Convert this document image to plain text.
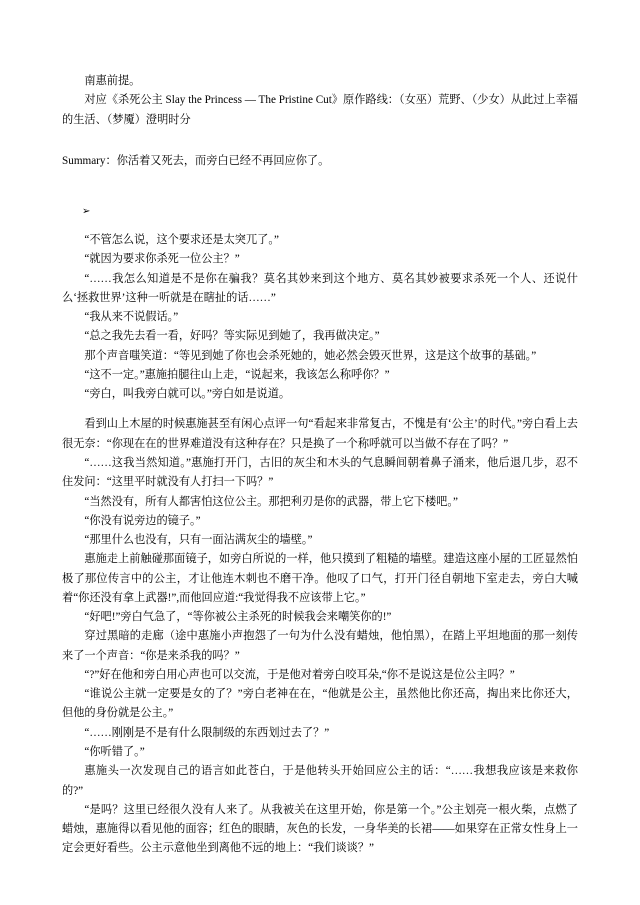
南惠前提。

对应《杀死公主 Slay the Princess — The Pristine Cut》原作路线：（女巫）荒野、（少女）从此过上幸福的生活、（梦魇）澄明时分

Summary：你活着又死去，而旁白已经不再回应你了。

➢

“不管怎么说，这个要求还是太突兀了。”

“就因为要求你杀死一位公主？”

“……我怎么知道是不是你在骗我？莫名其妙来到这个地方、莫名其妙被要求杀死一个人、还说什么‘拯救世界’这种一听就是在瞎扯的话……”

“我从来不说假话。”

“总之我先去看一看，好吗？等实际见到她了，我再做决定。”

那个声音嗤笑道：“等见到她了你也会杀死她的，她必然会毁灭世界，这是这个故事的基础。”

“这不一定。”惠施拍腿往山上走，“说起来，我该怎么称呼你？”

“旁白，叫我旁白就可以。”旁白如是说道。

看到山上木屋的时候惠施甚至有闲心点评一句“看起来非常复古，不愧是有‘公主’的时代。”旁白看上去很无奈：“你现在在的世界难道没有这种存在？只是换了一个称呼就可以当做不存在了吗？”

“……这我当然知道。”惠施打开门，古旧的灰尘和木头的气息瞬间朝着鼻子涌来，他后退几步，忍不住发问：“这里平时就没有人打扫一下吗？”

“当然没有，所有人都害怕这位公主。那把利刃是你的武器，带上它下楼吧。”

“你没有说旁边的镜子。”

“那里什么也没有，只有一面沾满灰尘的墙壁。”

惠施走上前触碰那面镜子，如旁白所说的一样，他只摸到了粗糙的墙壁。建造这座小屋的工匠显然怕极了那位传言中的公主，才让他连木刺也不磨干净。他叹了口气，打开门径自朝地下室走去，旁白大喊着“你还没有拿上武器!”,而他回应道:“我觉得我不应该带上它。”

“好吧!”旁白气急了，“等你被公主杀死的时候我会来嘲笑你的!”

穿过黑暗的走廊（途中惠施小声抱怨了一句为什么没有蜡烛，他怕黑），在踏上平坦地面的那一刻传来了一个声音：“你是来杀我的吗？”

“?”好在他和旁白用心声也可以交流，于是他对着旁白咬耳朵,“你不是说这是位公主吗？”

“谁说公主就一定要是女的了？”旁白老神在在，“他就是公主，虽然他比你还高，掏出来比你还大，但他的身份就是公主。”

“……刚刚是不是有什么限制级的东西划过去了？”

“你听错了。”

惠施头一次发现自己的语言如此苍白，于是他转头开始回应公主的话：“……我想我应该是来救你的?”

“是吗？这里已经很久没有人来了。从我被关在这里开始，你是第一个。”公主划亮一根火柴，点燃了蜡烛，惠施得以看见他的面容；红色的眼睛，灰色的长发，一身华美的长裙——如果穿在正常女性身上一定会更好看些。公主示意他坐到离他不远的地上：“我们谈谈？”
